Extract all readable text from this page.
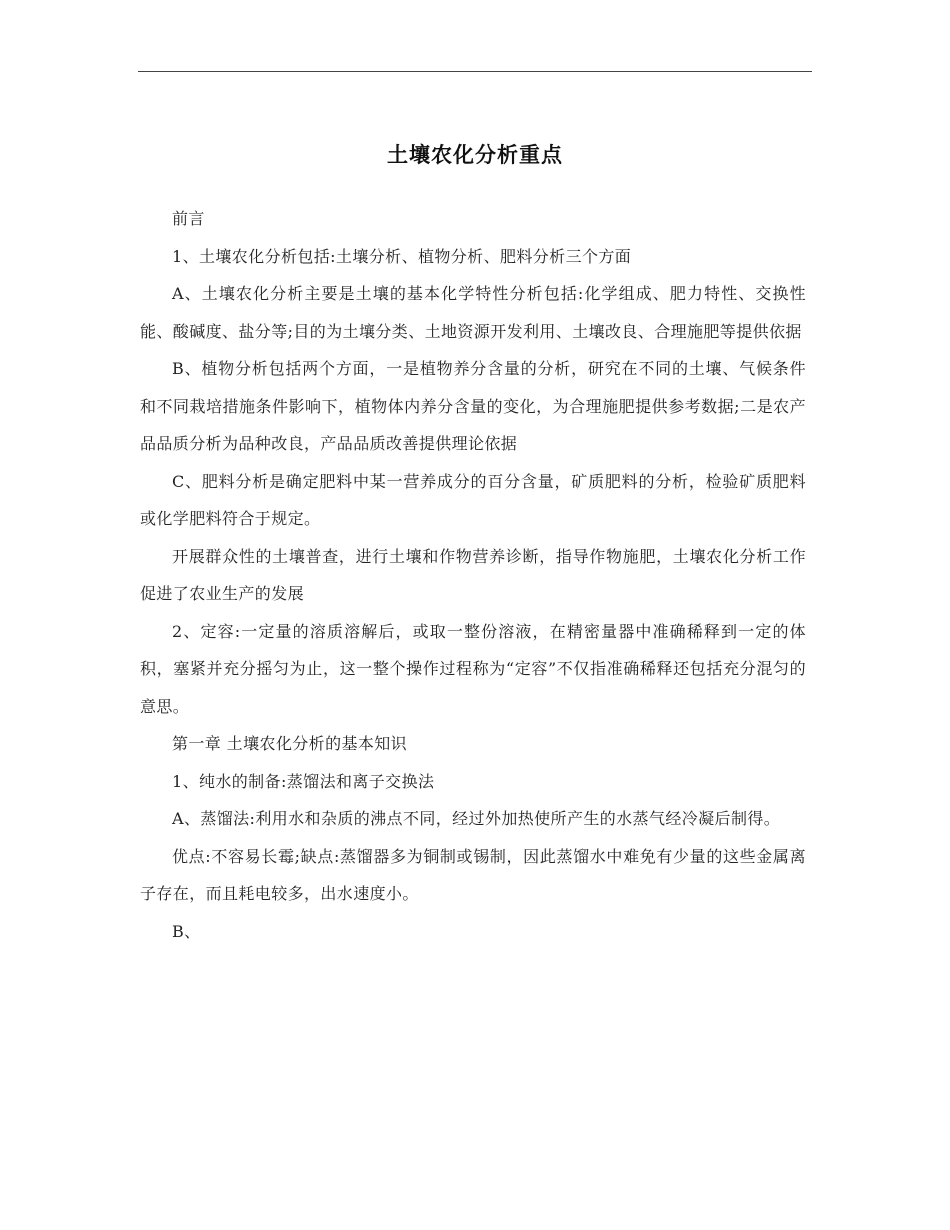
土壤农化分析重点

前言

1、土壤农化分析包括:土壤分析、植物分析、肥料分析三个方面

A、土壤农化分析主要是土壤的基本化学特性分析包括:化学组成、肥力特性、交换性能、酸碱度、盐分等;目的为土壤分类、土地资源开发利用、土壤改良、合理施肥等提供依据

B、植物分析包括两个方面，一是植物养分含量的分析，研究在不同的土壤、气候条件和不同栽培措施条件影响下，植物体内养分含量的变化，为合理施肥提供参考数据;二是农产品品质分析为品种改良，产品品质改善提供理论依据

C、肥料分析是确定肥料中某一营养成分的百分含量，矿质肥料的分析，检验矿质肥料或化学肥料符合于规定。

开展群众性的土壤普查，进行土壤和作物营养诊断，指导作物施肥，土壤农化分析工作促进了农业生产的发展

2、定容:一定量的溶质溶解后，或取一整份溶液，在精密量器中准确稀释到一定的体积，塞紧并充分摇匀为止，这一整个操作过程称为“定容”不仅指准确稀释还包括充分混匀的意思。

第一章 土壤农化分析的基本知识

1、纯水的制备:蒸馏法和离子交换法

A、蒸馏法:利用水和杂质的沸点不同，经过外加热使所产生的水蒸气经冷凝后制得。

优点:不容易长霉;缺点:蒸馏器多为铜制或锡制，因此蒸馏水中难免有少量的这些金属离子存在，而且耗电较多，出水速度小。

B、
